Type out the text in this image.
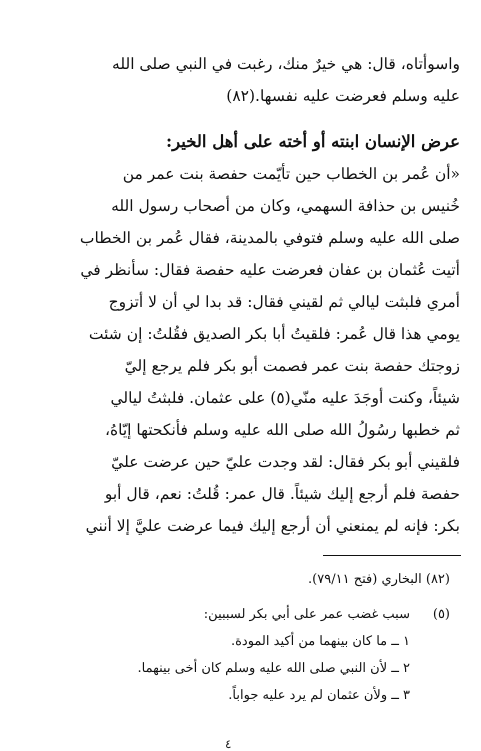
واسوأتاه، قال: هي خيرٌ منك، رغبت في النبي صلى الله
عليه وسلم فعرضت عليه نفسها.(٨٢)
عرض الإنسان ابنته أو أخته على أهل الخير:
«أن عُمر بن الخطاب حين تأيّمت حفصة بنت عمر من
خُنيس بن حذافة السهمي، وكان من أصحاب رسول الله
صلى الله عليه وسلم فتوفي بالمدينة، فقال عُمر بن الخطاب
أتيت عُثمان بن عفان فعرضت عليه حفصة فقال: سأنظر في
أمري فلبثت ليالي ثم لقيني فقال: قد بدا لي أن لا أتزوج
يومي هذا قال عُمر: فلقيتُ أبا بكر الصديق فقُلتُ: إن شئت
زوجتك حفصة بنت عمر فصمت أبو بكر فلم يرجع إليّ
شيئاً، وكنت أوجَدَ عليه منّي(٥) على عثمان. فلبثتُ ليالي
ثم خطبها رسُولُ الله صلى الله عليه وسلم فأنكحتها إيّاهُ،
فلقيني أبو بكر فقال: لقد وجدت عليّ حين عرضت عليّ
حفصة فلم أرجع إليك شيئاً. قال عمر: قُلتُ: نعم، قال أبو
بكر: فإنه لم يمنعني أن أرجع إليك فيما عرضت عليَّ إلا أنني
(٨٢) البخاري (فتح ٧٩/١١).
(٥)سبب غضب عمر على أبي بكر لسببين:
١ ــ ما كان بينهما من أكيد المودة.
٢ ــ لأن النبي صلى الله عليه وسلم كان أخى بينهما.
٣ ــ ولأن عثمان لم يرد عليه جواباً.
٤
